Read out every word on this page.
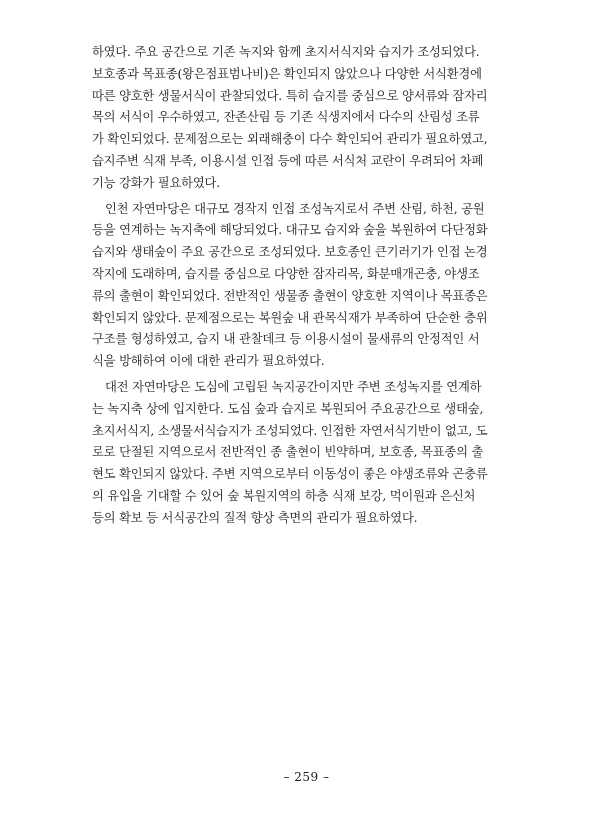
하였다. 주요 공간으로 기존 녹지와 함께 초지서식지와 습지가 조성되었다.
보호종과 목표종(왕은점표범나비)은 확인되지 않았으나 다양한 서식환경에
따른 양호한 생물서식이 관찰되었다. 특히 습지를 중심으로 양서류와 잠자리
목의 서식이 우수하였고, 잔존산림 등 기존 식생지에서 다수의 산림성 조류
가 확인되었다. 문제점으로는 외래해충이 다수 확인되어 관리가 필요하였고,
습지주변 식재 부족, 이용시설 인접 등에 따른 서식처 교란이 우려되어 차폐
기능 강화가 필요하였다.

인천 자연마당은 대규모 경작지 인접 조성녹지로서 주변 산림, 하천, 공원
등을 연계하는 녹지축에 해당되었다. 대규모 습지와 숲을 복원하여 다단정화
습지와 생태숲이 주요 공간으로 조성되었다. 보호종인 큰기러기가 인접 논경
작지에 도래하며, 습지를 중심으로 다양한 잠자리목, 화분매개곤충, 야생조
류의 출현이 확인되었다. 전반적인 생물종 출현이 양호한 지역이나 목표종은
확인되지 않았다. 문제점으로는 복원숲 내 관목식재가 부족하여 단순한 층위
구조를 형성하였고, 습지 내 관찰데크 등 이용시설이 물새류의 안정적인 서
식을 방해하여 이에 대한 관리가 필요하였다.

대전 자연마당은 도심에 고립된 녹지공간이지만 주변 조성녹지를 연계하
는 녹지축 상에 입지한다. 도심 숲과 습지로 복원되어 주요공간으로 생태숲,
초지서식지, 소생물서식습지가 조성되었다. 인접한 자연서식기반이 없고, 도
로로 단절된 지역으로서 전반적인 종 출현이 빈약하며, 보호종, 목표종의 출
현도 확인되지 않았다. 주변 지역으로부터 이동성이 좋은 야생조류와 곤충류
의 유입을 기대할 수 있어 숲 복원지역의 하층 식재 보강, 먹이원과 은신처
등의 확보 등 서식공간의 질적 향상 측면의 관리가 필요하였다.

– 259 –
